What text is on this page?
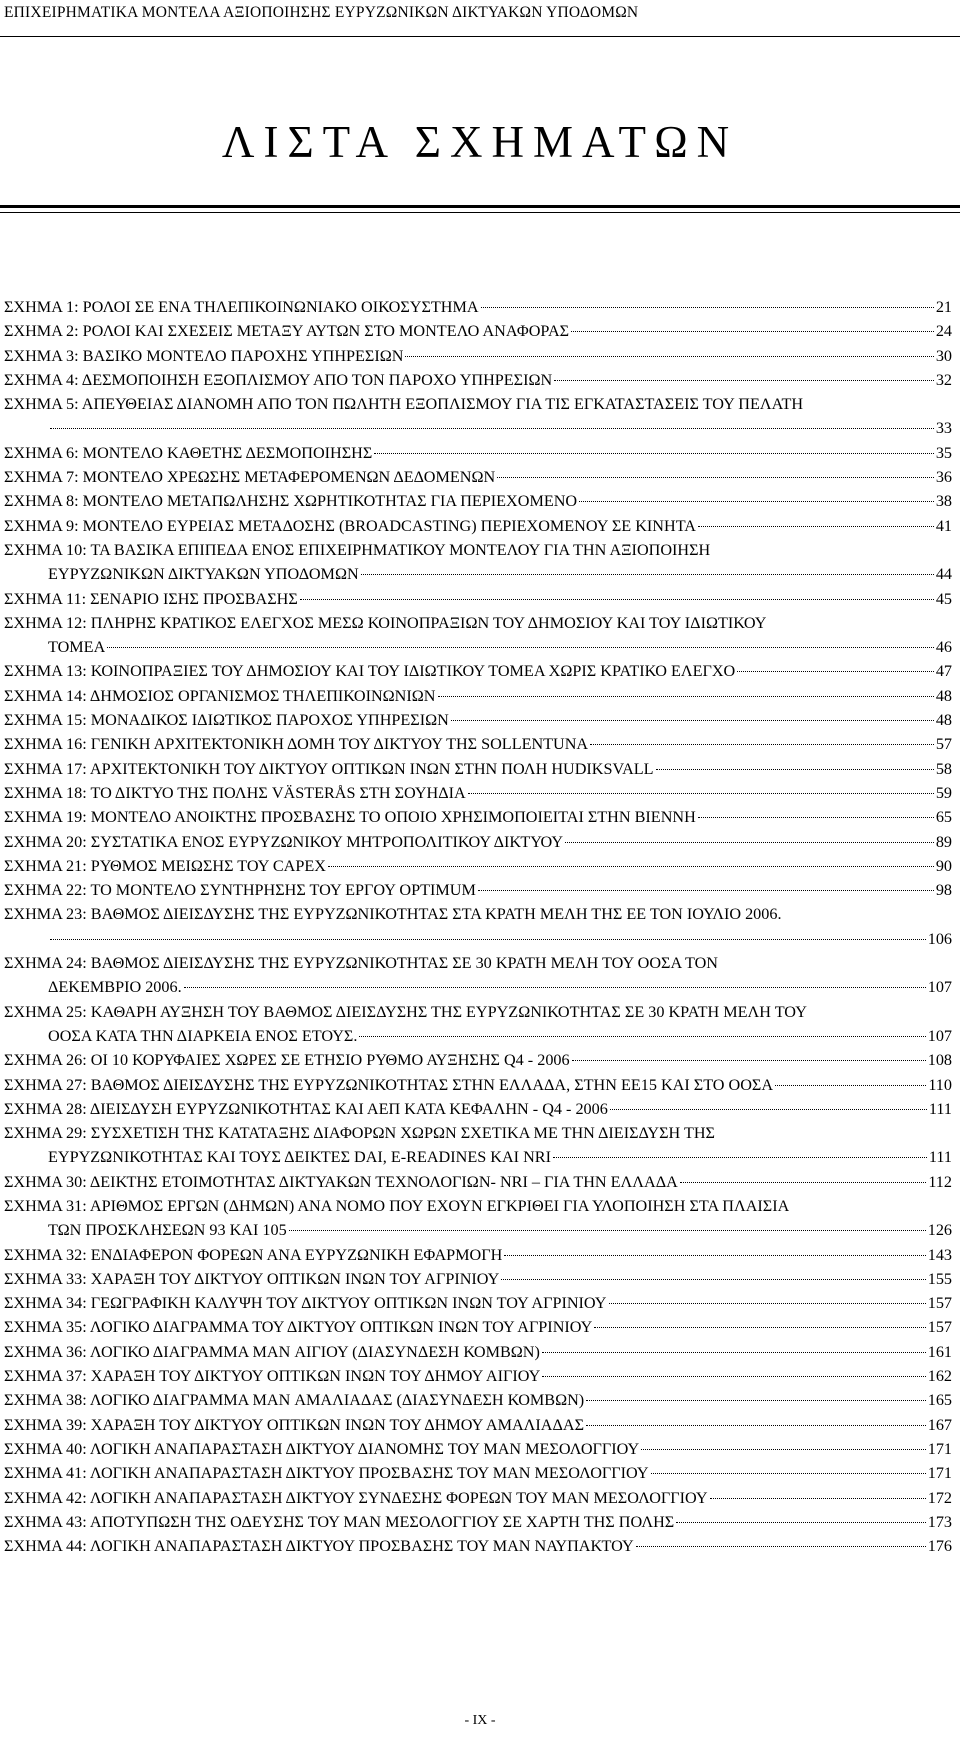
ΕΠΙΧΕΙΡΗΜΑΤΙΚΑ ΜΟΝΤΕΛΑ ΑΞΙΟΠΟΙΗΣΗΣ ΕΥΡΥΖΩΝΙΚΩΝ ΔΙΚΤΥΑΚΩΝ ΥΠΟΔΟΜΩΝ
ΛΙΣΤΑ ΣΧΗΜΑΤΩΝ
ΣΧΗΜΑ 1: ΡΟΛΟΙ ΣΕ ΕΝΑ ΤΗΛΕΠΙΚΟΙΝΩΝΙΑΚΟ ΟΙΚΟΣΥΣΤΗΜΑ	21
ΣΧΗΜΑ 2: ΡΟΛΟΙ ΚΑΙ ΣΧΕΣΕΙΣ ΜΕΤΑΞΥ ΑΥΤΩΝ ΣΤΟ ΜΟΝΤΕΛΟ ΑΝΑΦΟΡΑΣ	24
ΣΧΗΜΑ 3: ΒΑΣΙΚΟ ΜΟΝΤΕΛΟ ΠΑΡΟΧΗΣ ΥΠΗΡΕΣΙΩΝ	30
ΣΧΗΜΑ 4: ΔΕΣΜΟΠΟΙΗΣΗ ΕΞΟΠΛΙΣΜΟΥ ΑΠΟ ΤΟΝ ΠΑΡΟΧΟ ΥΠΗΡΕΣΙΩΝ	32
ΣΧΗΜΑ 5: ΑΠΕΥΘΕΙΑΣ ΔΙΑΝΟΜΗ ΑΠΟ ΤΟΝ ΠΩΛΗΤΗ ΕΞΟΠΛΙΣΜΟΥ ΓΙΑ ΤΙΣ ΕΓΚΑΤΑΣΤΑΣΕΙΣ ΤΟΥ ΠΕΛΑΤΗ
33
ΣΧΗΜΑ 6: ΜΟΝΤΕΛΟ ΚΑΘΕΤΗΣ ΔΕΣΜΟΠΟΙΗΣΗΣ	35
ΣΧΗΜΑ 7: ΜΟΝΤΕΛΟ ΧΡΕΩΣΗΣ ΜΕΤΑΦΕΡΟΜΕΝΩΝ ΔΕΔΟΜΕΝΩΝ	36
ΣΧΗΜΑ 8: ΜΟΝΤΕΛΟ ΜΕΤΑΠΩΛΗΣΗΣ ΧΩΡΗΤΙΚΟΤΗΤΑΣ ΓΙΑ ΠΕΡΙΕΧΟΜΕΝΟ	38
ΣΧΗΜΑ 9: ΜΟΝΤΕΛΟ ΕΥΡΕΙΑΣ ΜΕΤΑΔΟΣΗΣ (BROADCASTING) ΠΕΡΙΕΧΟΜΕΝΟΥ ΣΕ ΚΙΝΗΤΑ	41
ΣΧΗΜΑ 10: ΤΑ ΒΑΣΙΚΑ ΕΠΙΠΕΔΑ ΕΝΟΣ ΕΠΙΧΕΙΡΗΜΑΤΙΚΟΥ ΜΟΝΤΕΛΟΥ ΓΙΑ ΤΗΝ ΑΞΙΟΠΟΙΗΣΗ
ΕΥΡΥΖΩΝΙΚΩΝ ΔΙΚΤΥΑΚΩΝ ΥΠΟΔΟΜΩΝ	44
ΣΧΗΜΑ 11: ΣΕΝΑΡΙΟ ΙΣΗΣ ΠΡΟΣΒΑΣΗΣ	45
ΣΧΗΜΑ 12: ΠΛΗΡΗΣ ΚΡΑΤΙΚΟΣ ΕΛΕΓΧΟΣ ΜΕΣΩ ΚΟΙΝΟΠΡΑΞΙΩΝ ΤΟΥ ΔΗΜΟΣΙΟΥ ΚΑΙ ΤΟΥ ΙΔΙΩΤΙΚΟΥ
ΤΟΜΕΑ	46
ΣΧΗΜΑ 13: ΚΟΙΝΟΠΡΑΞΙΕΣ ΤΟΥ ΔΗΜΟΣΙΟΥ ΚΑΙ ΤΟΥ ΙΔΙΩΤΙΚΟΥ ΤΟΜΕΑ ΧΩΡΙΣ ΚΡΑΤΙΚΟ ΕΛΕΓΧΟ	47
ΣΧΗΜΑ 14: ΔΗΜΟΣΙΟΣ ΟΡΓΑΝΙΣΜΟΣ ΤΗΛΕΠΙΚΟΙΝΩΝΙΩΝ	48
ΣΧΗΜΑ 15: ΜΟΝΑΔΙΚΟΣ ΙΔΙΩΤΙΚΟΣ ΠΑΡΟΧΟΣ ΥΠΗΡΕΣΙΩΝ	48
ΣΧΗΜΑ 16: ΓΕΝΙΚΗ ΑΡΧΙΤΕΚΤΟΝΙΚΗ ΔΟΜΗ ΤΟΥ ΔΙΚΤΥΟΥ ΤΗΣ SOLLENTUNA	57
ΣΧΗΜΑ 17: ΑΡΧΙΤΕΚΤΟΝΙΚΗ ΤΟΥ ΔΙΚΤΥΟΥ ΟΠΤΙΚΩΝ ΙΝΩΝ ΣΤΗΝ ΠΟΛΗ HUDIKSVALL	58
ΣΧΗΜΑ 18: ΤΟ ΔΙΚΤΥΟ ΤΗΣ ΠΟΛΗΣ VÄSTERÅS ΣΤΗ ΣΟΥΗΔΙΑ	59
ΣΧΗΜΑ 19: ΜΟΝΤΕΛΟ ΑΝΟΙΚΤΗΣ ΠΡΟΣΒΑΣΗΣ ΤΟ ΟΠΟΙΟ ΧΡΗΣΙΜΟΠΟΙΕΙΤΑΙ ΣΤΗΝ ΒΙΕΝΝΗ	65
ΣΧΗΜΑ 20: ΣΥΣΤΑΤΙΚΑ ΕΝΟΣ ΕΥΡΥΖΩΝΙΚΟΥ ΜΗΤΡΟΠΟΛΙΤΙΚΟΥ ΔΙΚΤΥΟΥ	89
ΣΧΗΜΑ 21: ΡΥΘΜΟΣ ΜΕΙΩΣΗΣ ΤΟΥ CAPEX	90
ΣΧΗΜΑ 22: ΤΟ ΜΟΝΤΕΛΟ ΣΥΝΤΗΡΗΣΗΣ ΤΟΥ ΕΡΓΟΥ OPTIMUM	98
ΣΧΗΜΑ 23: ΒΑΘΜΟΣ ΔΙΕΙΣΔΥΣΗΣ ΤΗΣ ΕΥΡΥΖΩΝΙΚΟΤΗΤΑΣ ΣΤΑ ΚΡΑΤΗ ΜΕΛΗ ΤΗΣ ΕΕ ΤΟΝ ΙΟΥΛΙΟ 2006.
106
ΣΧΗΜΑ 24: ΒΑΘΜΟΣ ΔΙΕΙΣΔΥΣΗΣ ΤΗΣ ΕΥΡΥΖΩΝΙΚΟΤΗΤΑΣ ΣΕ 30 ΚΡΑΤΗ ΜΕΛΗ ΤΟΥ ΟΟΣΑ ΤΟΝ
ΔΕΚΕΜΒΡΙΟ 2006.	107
ΣΧΗΜΑ 25: ΚΑΘΑΡΗ ΑΥΞΗΣΗ ΤΟΥ ΒΑΘΜΟΣ ΔΙΕΙΣΔΥΣΗΣ ΤΗΣ ΕΥΡΥΖΩΝΙΚΟΤΗΤΑΣ ΣΕ 30 ΚΡΑΤΗ ΜΕΛΗ ΤΟΥ
ΟΟΣΑ ΚΑΤΑ ΤΗΝ ΔΙΑΡΚΕΙΑ ΕΝΟΣ ΕΤΟΥΣ.	107
ΣΧΗΜΑ 26: ΟΙ 10 ΚΟΡΥΦΑΙΕΣ ΧΩΡΕΣ ΣΕ ΕΤΗΣΙΟ ΡΥΘΜΟ ΑΥΞΗΣΗΣ Q4 - 2006	108
ΣΧΗΜΑ 27: ΒΑΘΜΟΣ ΔΙΕΙΣΔΥΣΗΣ ΤΗΣ ΕΥΡΥΖΩΝΙΚΟΤΗΤΑΣ ΣΤΗΝ ΕΛΛΑΔΑ, ΣΤΗΝ ΕΕ15 ΚΑΙ ΣΤΟ ΟΟΣΑ	110
ΣΧΗΜΑ 28: ΔΙΕΙΣΔΥΣΗ ΕΥΡΥΖΩΝΙΚΟΤΗΤΑΣ ΚΑΙ ΑΕΠ ΚΑΤΑ ΚΕΦΑΛΗΝ - Q4 - 2006	111
ΣΧΗΜΑ 29: ΣΥΣΧΕΤΙΣΗ ΤΗΣ ΚΑΤΑΤΑΞΗΣ ΔΙΑΦΟΡΩΝ ΧΩΡΩΝ ΣΧΕΤΙΚΑ ΜΕ ΤΗΝ ΔΙΕΙΣΔΥΣΗ ΤΗΣ
ΕΥΡΥΖΩΝΙΚΟΤΗΤΑΣ ΚΑΙ ΤΟΥΣ ΔΕΙΚΤΕΣ DAI, E-READINES ΚΑΙ NRI	111
ΣΧΗΜΑ 30: ΔΕΙΚΤΗΣ ΕΤΟΙΜΟΤΗΤΑΣ ΔΙΚΤΥΑΚΩΝ ΤΕΧΝΟΛΟΓΙΩΝ- NRI – ΓΙΑ ΤΗΝ ΕΛΛΑΔΑ	112
ΣΧΗΜΑ 31: ΑΡΙΘΜΟΣ ΕΡΓΩΝ (ΔΗΜΩΝ) ΑΝΑ ΝΟΜΟ ΠΟΥ ΕΧΟΥΝ ΕΓΚΡΙΘΕΙ ΓΙΑ ΥΛΟΠΟΙΗΣΗ ΣΤΑ ΠΛΑΙΣΙΑ
ΤΩΝ ΠΡΟΣΚΛΗΣΕΩΝ 93 ΚΑΙ 105	126
ΣΧΗΜΑ 32: ΕΝΔΙΑΦΕΡΟΝ ΦΟΡΕΩΝ ΑΝΑ ΕΥΡΥΖΩΝΙΚΗ ΕΦΑΡΜΟΓΗ	143
ΣΧΗΜΑ 33: ΧΑΡΑΞΗ ΤΟΥ ΔΙΚΤΥΟΥ ΟΠΤΙΚΩΝ ΙΝΩΝ ΤΟΥ ΑΓΡΙΝΙΟΥ	155
ΣΧΗΜΑ 34: ΓΕΩΓΡΑΦΙΚΗ ΚΑΛΥΨΗ ΤΟΥ ΔΙΚΤΥΟΥ ΟΠΤΙΚΩΝ ΙΝΩΝ ΤΟΥ ΑΓΡΙΝΙΟΥ	157
ΣΧΗΜΑ 35: ΛΟΓΙΚΟ ΔΙΑΓΡΑΜΜΑ ΤΟΥ ΔΙΚΤΥΟΥ ΟΠΤΙΚΩΝ ΙΝΩΝ ΤΟΥ ΑΓΡΙΝΙΟΥ	157
ΣΧΗΜΑ 36: ΛΟΓΙΚΟ ΔΙΑΓΡΑΜΜΑ MAN ΑΙΓΙΟΥ (ΔΙΑΣΥΝΔΕΣΗ ΚΟΜΒΩΝ)	161
ΣΧΗΜΑ 37: ΧΑΡΑΞΗ ΤΟΥ ΔΙΚΤΥΟΥ ΟΠΤΙΚΩΝ ΙΝΩΝ ΤΟΥ ΔΗΜΟΥ ΑΙΓΙΟΥ	162
ΣΧΗΜΑ 38: ΛΟΓΙΚΟ ΔΙΑΓΡΑΜΜΑ MAN ΑΜΑΛΙΑΔΑΣ (ΔΙΑΣΥΝΔΕΣΗ ΚΟΜΒΩΝ)	165
ΣΧΗΜΑ 39: ΧΑΡΑΞΗ ΤΟΥ ΔΙΚΤΥΟΥ ΟΠΤΙΚΩΝ ΙΝΩΝ ΤΟΥ ΔΗΜΟΥ ΑΜΑΛΙΑΔΑΣ	167
ΣΧΗΜΑ 40: ΛΟΓΙΚΗ ΑΝΑΠΑΡΑΣΤΑΣΗ ΔΙΚΤΥΟΥ ΔΙΑΝΟΜΗΣ ΤΟΥ MAN ΜΕΣΟΛΟΓΓΙΟΥ	171
ΣΧΗΜΑ 41: ΛΟΓΙΚΗ ΑΝΑΠΑΡΑΣΤΑΣΗ ΔΙΚΤΥΟΥ ΠΡΟΣΒΑΣΗΣ ΤΟΥ MAN ΜΕΣΟΛΟΓΓΙΟΥ	171
ΣΧΗΜΑ 42: ΛΟΓΙΚΗ ΑΝΑΠΑΡΑΣΤΑΣΗ ΔΙΚΤΥΟΥ ΣΥΝΔΕΣΗΣ ΦΟΡΕΩΝ ΤΟΥ MAN ΜΕΣΟΛΟΓΓΙΟΥ	172
ΣΧΗΜΑ 43: ΑΠΟΤΥΠΩΣΗ ΤΗΣ ΟΔΕΥΣΗΣ ΤΟΥ MAN ΜΕΣΟΛΟΓΓΙΟΥ ΣΕ ΧΑΡΤΗ ΤΗΣ ΠΟΛΗΣ	173
ΣΧΗΜΑ 44: ΛΟΓΙΚΗ ΑΝΑΠΑΡΑΣΤΑΣΗ ΔΙΚΤΥΟΥ ΠΡΟΣΒΑΣΗΣ ΤΟΥ MAN ΝΑΥΠΑΚΤΟΥ	176
- IX -
